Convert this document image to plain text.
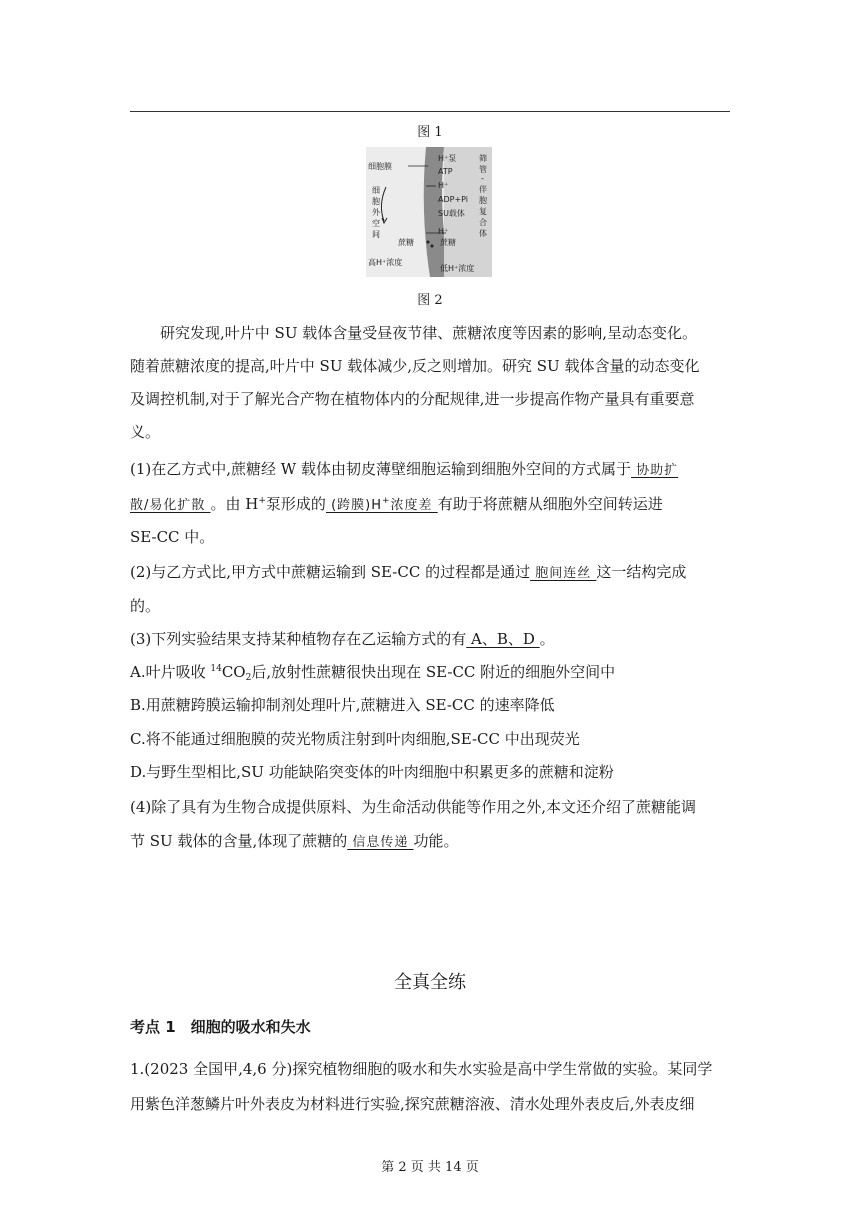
图 1
细胞膜
细
胞
外
空
间
蔗糖
高H⁺浓度
H⁺泵
ATP
H⁺
ADP+Pi
SU载体
H⁺
蔗糖
低H⁺浓度
筛
管
-
伴
胞
复
合
体
图 2
研究发现,叶片中 SU 载体含量受昼夜节律、蔗糖浓度等因素的影响,呈动态变化。
随着蔗糖浓度的提高,叶片中 SU 载体减少,反之则增加。研究 SU 载体含量的动态变化
及调控机制,对于了解光合产物在植物体内的分配规律,进一步提高作物产量具有重要意
义。
(1)在乙方式中,蔗糖经 W 载体由韧皮薄壁细胞运输到细胞外空间的方式属于 协助扩
散/易化扩散 。由 H+泵形成的 (跨膜)H+浓度差 有助于将蔗糖从细胞外空间转运进
SE-CC 中。
(2)与乙方式比,甲方式中蔗糖运输到 SE-CC 的过程都是通过 胞间连丝 这一结构完成
的。
(3)下列实验结果支持某种植物存在乙运输方式的有 A、B、D 。
A.叶片吸收 $^{14}CO_2$后,放射性蔗糖很快出现在 SE-CC 附近的细胞外空间中
B.用蔗糖跨膜运输抑制剂处理叶片,蔗糖进入 SE-CC 的速率降低
C.将不能通过细胞膜的荧光物质注射到叶肉细胞,SE-CC 中出现荧光
D.与野生型相比,SU 功能缺陷突变体的叶肉细胞中积累更多的蔗糖和淀粉
(4)除了具有为生物合成提供原料、为生命活动供能等作用之外,本文还介绍了蔗糖能调
节 SU 载体的含量,体现了蔗糖的 信息传递 功能。
全真全练
考点 1　细胞的吸水和失水
1.(2023 全国甲,4,6 分)探究植物细胞的吸水和失水实验是高中学生常做的实验。某同学
用紫色洋葱鳞片叶外表皮为材料进行实验,探究蔗糖溶液、清水处理外表皮后,外表皮细
第 2 页 共 14 页
